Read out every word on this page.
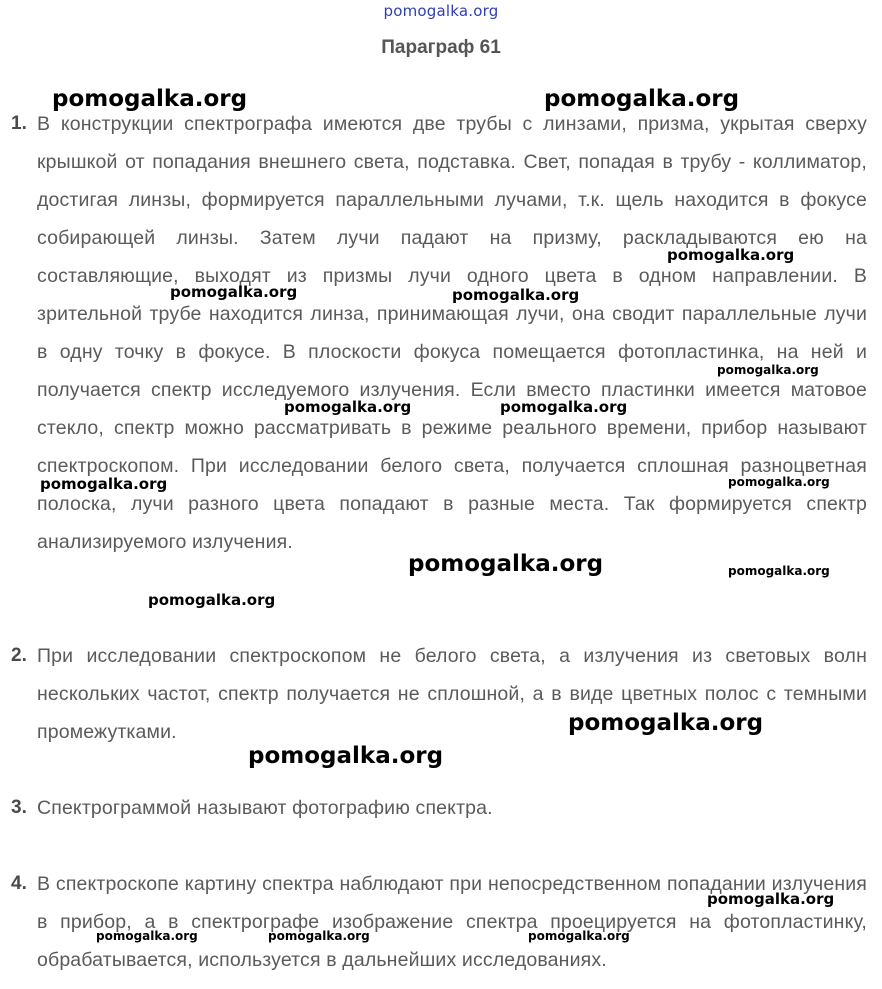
pomogalka.org
Параграф 61
1. В конструкции спектрографа имеются две трубы с линзами, призма, укрытая сверху крышкой от попадания внешнего света, подставка. Свет, попадая в трубу - коллиматор, достигая линзы, формируется параллельными лучами, т.к. щель находится в фокусе собирающей линзы. Затем лучи падают на призму, раскладываются ею на составляющие, выходят из призмы лучи одного цвета в одном направлении. В зрительной трубе находится линза, принимающая лучи, она сводит параллельные лучи в одну точку в фокусе. В плоскости фокуса помещается фотопластинка, на ней и получается спектр исследуемого излучения. Если вместо пластинки имеется матовое стекло, спектр можно рассматривать в режиме реального времени, прибор называют спектроскопом. При исследовании белого света, получается сплошная разноцветная полоска, лучи разного цвета попадают в разные места. Так формируется спектр анализируемого излучения.
2. При исследовании спектроскопом не белого света, а излучения из световых волн нескольких частот, спектр получается не сплошной, а в виде цветных полос с темными промежутками.
3. Спектрограммой называют фотографию спектра.
4. В спектроскопе картину спектра наблюдают при непосредственном попадании излучения в прибор, а в спектрографе изображение спектра проецируется на фотопластинку, обрабатывается, используется в дальнейших исследованиях.
pomogalka.org	pomogalka.org
pomogalka.org
pomogalka.org	pomogalka.org
pomogalka.org
pomogalka.org	pomogalka.org
pomogalka.org	pomogalka.org
pomogalka.org	pomogalka.org
pomogalka.org
pomogalka.org
pomogalka.org
pomogalka.org
pomogalka.org	pomogalka.org	pomogalka.org
